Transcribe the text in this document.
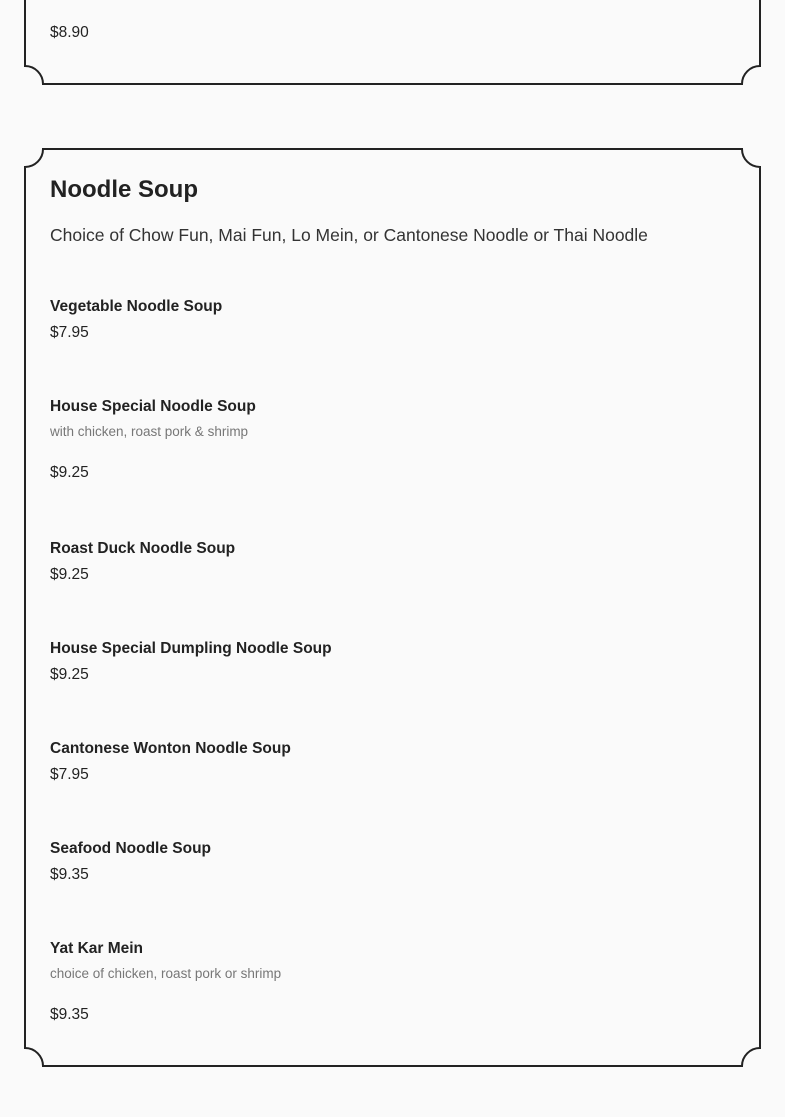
$8.90
Noodle Soup

Choice of Chow Fun, Mai Fun, Lo Mein, or Cantonese Noodle or Thai Noodle

Vegetable Noodle Soup
$7.95
House Special Noodle Soup
with chicken, roast pork & shrimp
$9.25
Roast Duck Noodle Soup
$9.25
House Special Dumpling Noodle Soup
$9.25
Cantonese Wonton Noodle Soup
$7.95
Seafood Noodle Soup
$9.35
Yat Kar Mein
choice of chicken, roast pork or shrimp
$9.35
